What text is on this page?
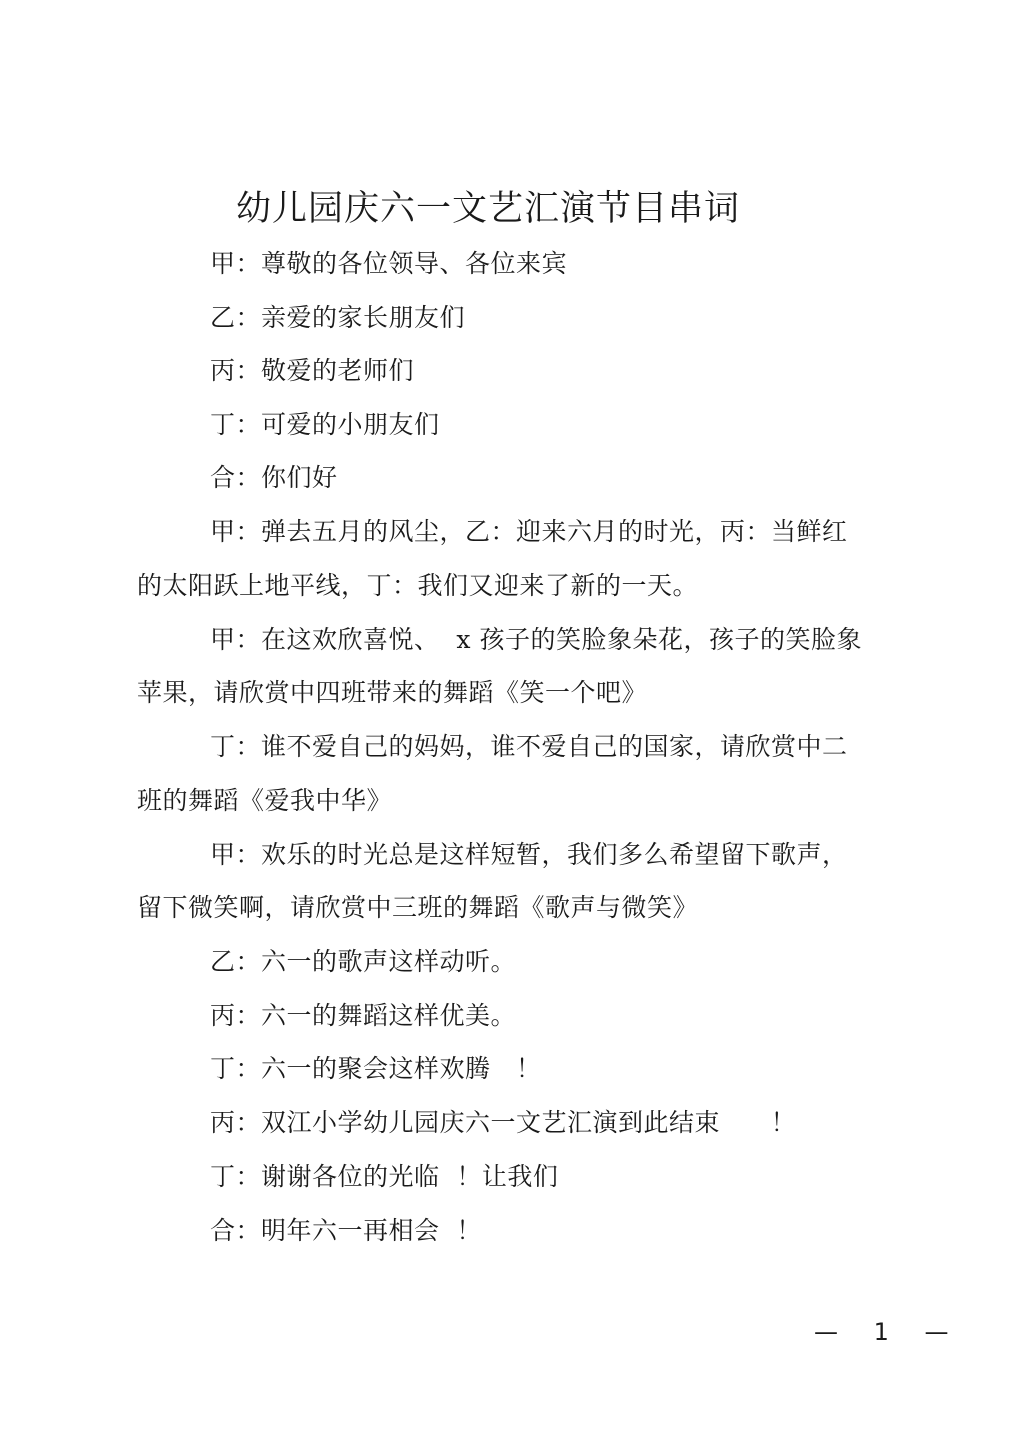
幼儿园庆六一文艺汇演节目串词
甲：尊敬的各位领导、各位来宾
乙：亲爱的家长朋友们
丙：敬爱的老师们
丁：可爱的小朋友们
合：你们好
甲：弹去五月的风尘，乙：迎来六月的时光，丙：当鲜红
的太阳跃上地平线，丁：我们又迎来了新的一天。
甲：在这欢欣喜悦、  x 孩子的笑脸象朵花，孩子的笑脸象
苹果，请欣赏中四班带来的舞蹈《笑一个吧》
丁：谁不爱自己的妈妈，谁不爱自己的国家，请欣赏中二
班的舞蹈《爱我中华》
甲：欢乐的时光总是这样短暂，我们多么希望留下歌声，
留下微笑啊，请欣赏中三班的舞蹈《歌声与微笑》
乙：六一的歌声这样动听。
丙：六一的舞蹈这样优美。
丁：六一的聚会这样欢腾   ！
丙：双江小学幼儿园庆六一文艺汇演到此结束      ！
丁：谢谢各位的光临  ！让我们
合：明年六一再相会  ！
— 1 —
